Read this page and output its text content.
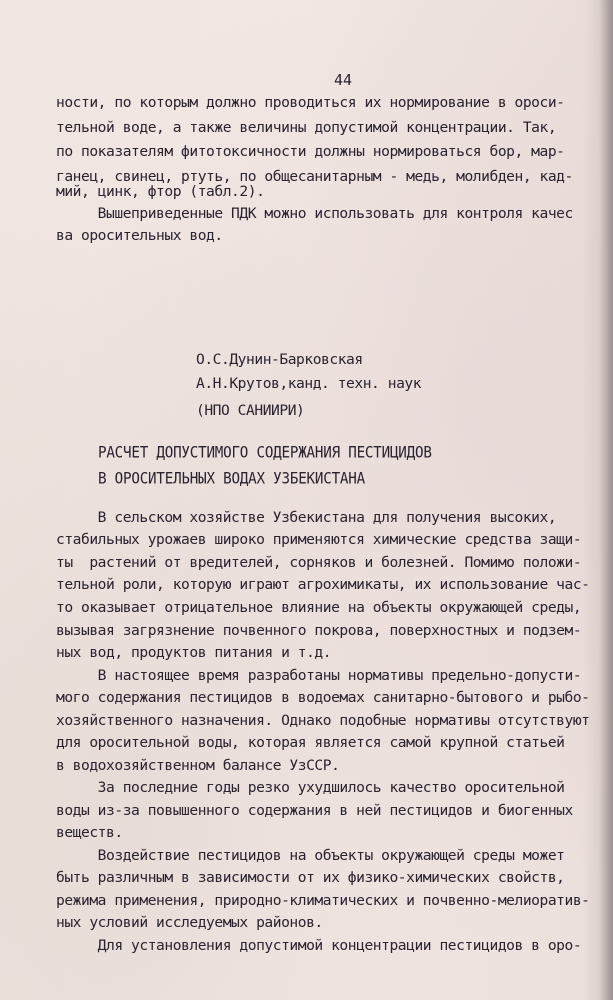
44
ности, по которым должно проводиться их нормирование в ороси-
тельной воде, а также величины допустимой концентрации. Так,
по показателям фитотоксичности должны нормироваться бор, мар-
ганец, свинец, ртуть, по общесанитарным - медь, молибден, кад-
мий, цинк, фтор (табл.2).
Вышеприведенные ПДК можно использовать для контроля качес
ва оросительных вод.
О.С.Дунин-Барковская
А.Н.Крутов,канд. техн. наук
(НПО САНИИРИ)
РАСЧЕТ ДОПУСТИМОГО СОДЕРЖАНИЯ ПЕСТИЦИДОВ
В ОРОСИТЕЛЬНЫХ ВОДАХ УЗБЕКИСТАНА
В сельском хозяйстве Узбекистана для получения высоких,
стабильных урожаев широко применяются химические средства защи-
ты  растений от вредителей, сорняков и болезней. Помимо положи-
тельной роли, которую играют агрохимикаты, их использование час-
то оказывает отрицательное влияние на объекты окружающей среды,
вызывая загрязнение почвенного покрова, поверхностных и подзем-
ных вод, продуктов питания и т.д.
В настоящее время разработаны нормативы предельно-допусти-
мого содержания пестицидов в водоемах санитарно-бытового и рыбо-
хозяйственного назначения. Однако подобные нормативы отсутствуют
для оросительной воды, которая является самой крупной статьей
в водохозяйственном балансе УзССР.
За последние годы резко ухудшилось качество оросительной
воды из-за повышенного содержания в ней пестицидов и биогенных
веществ.
Воздействие пестицидов на объекты окружающей среды может
быть различным в зависимости от их физико-химических свойств,
режима применения, природно-климатических и почвенно-мелиоратив-
ных условий исследуемых районов.
Для установления допустимой концентрации пестицидов в оро-
